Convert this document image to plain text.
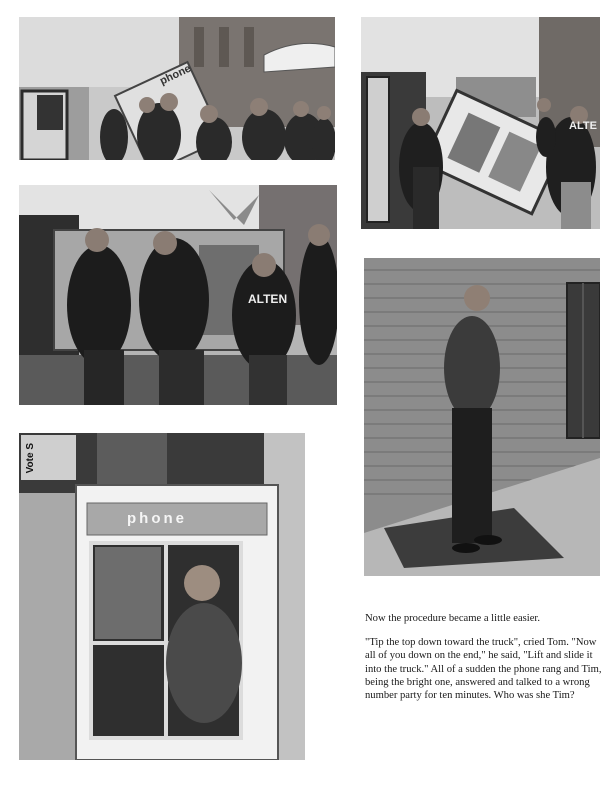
phone
ALTE
ALTEN
Vote S
phone

Now the procedure became a little easier.

"Tip the top down toward the truck", cried Tom. "Now all of you down on the end," he said, "Lift and slide it into the truck." All of a sudden the phone rang and Tim, being the bright one, answered and talked to a wrong number party for ten minutes. Who was she Tim?
